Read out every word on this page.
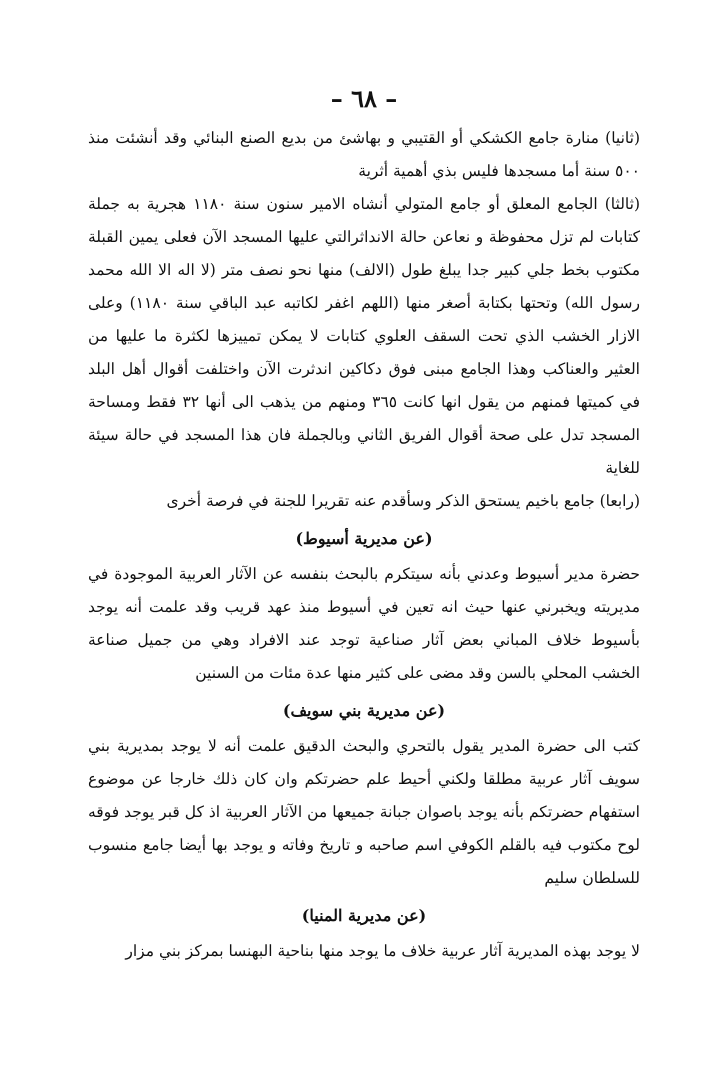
– ٦٨ –

(ثانيا) منارة جامع الكشكي أو القتيبي و بهاشئ من بديع الصنع البنائي وقد أنشئت منذ ٥٠٠ سنة أما مسجدها فليس بذي أهمية أثرية

(ثالثا) الجامع المعلق أو جامع المتولي أنشاه الامير سنون سنة ١١٨٠ هجرية به جملة كتابات لم تزل محفوظة و نعاعن حالة الانداثرالتي عليها المسجد الآن فعلى يمين القبلة مكتوب بخط جلي كبير جدا يبلغ طول (الالف) منها نحو نصف متر (لا اله الا الله محمد رسول الله) وتحتها بكتابة أصغر منها (اللهم اغفر لكاتبه عبد الباقي سنة ١١٨٠) وعلى الازار الخشب الذي تحت السقف العلوي كتابات لا يمكن تمييزها لكثرة ما عليها من العثير والعناكب وهذا الجامع مبنى فوق دكاكين اندثرت الآن واختلفت أقوال أهل البلد في كميتها فمنهم من يقول انها كانت ٣٦٥ ومنهم من يذهب الى أنها ٣٢ فقط ومساحة المسجد تدل على صحة أقوال الفريق الثاني وبالجملة فان هذا المسجد في حالة سيئة للغاية

(رابعا) جامع باخيم يستحق الذكر وسأقدم عنه تقريرا للجنة في فرصة أخرى

(عن مديرية أسيوط)

حضرة مدير أسيوط وعدني بأنه سيتكرم بالبحث بنفسه عن الآثار العربية الموجودة في مديريته ويخبرني عنها حيث انه تعين في أسيوط منذ عهد قريب وقد علمت أنه يوجد بأسيوط خلاف المباني بعض آثار صناعية توجد عند الافراد وهي من جميل صناعة الخشب المحلي بالسن وقد مضى على كثير منها عدة مئات من السنين

(عن مديرية بني سويف)

كتب الى حضرة المدير يقول بالتحري والبحث الدقيق علمت أنه لا يوجد بمديرية بني سويف آثار عربية مطلقا ولكني أحيط علم حضرتكم وان كان ذلك خارجا عن موضوع استفهام حضرتكم بأنه يوجد باصوان جبانة جميعها من الآثار العربية اذ كل قبر يوجد فوقه لوح مكتوب فيه بالقلم الكوفي اسم صاحبه و تاريخ وفاته و يوجد بها أيضا جامع منسوب للسلطان سليم

(عن مديرية المنيا)

لا يوجد بهذه المديرية آثار عربية خلاف ما يوجد منها بناحية البهنسا بمركز بني مزار
